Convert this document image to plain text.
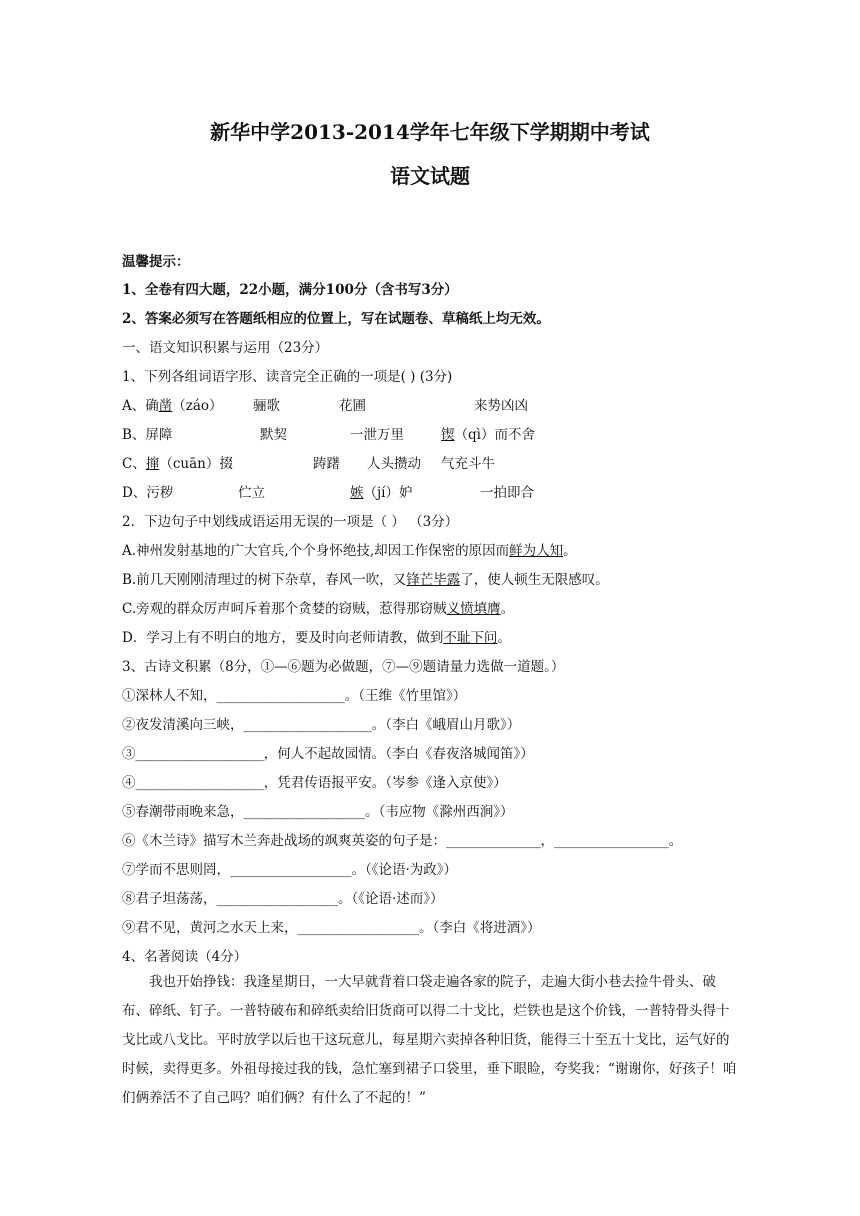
新华中学2013-2014学年七年级下学期期中考试
语文试题
温馨提示：
1、全卷有四大题，22小题，满分100分（含书写3分）
2、答案必须写在答题纸相应的位置上，写在试题卷、草稿纸上均无效。
一、语文知识积累与运用（23分）
1、下列各组词语字形、读音完全正确的一项是( ) (3分)
A、确凿（záo） 骊歌	花圃	来势凶凶
B、屏障	默契	一泄万里	锲（qì）而不舍
C、撺（cuān）掇	踌躇 人头攒动 气充斗牛
D、污秽	伫立	嫉（jí）妒	一拍即合
2．下边句子中划线成语运用无误的一项是（ ） （3分）
A.神州发射基地的广大官兵,个个身怀绝技,却因工作保密的原因而鲜为人知。
B.前几天刚刚清理过的树下杂草，春风一吹，又锋芒毕露了，使人顿生无限感叹。
C.旁观的群众厉声呵斥着那个贪婪的窃贼，惹得那窃贼义愤填膺。
D．学习上有不明白的地方，要及时向老师请教，做到不耻下问。
3、古诗文积累（8分，①—⑥题为必做题，⑦—⑨题请量力选做一道题。）
①深林人不知，___________________。（王维《竹里馆》）
②夜发清溪向三峡，___________________。（李白《峨眉山月歌》）
③___________________，何人不起故园情。（李白《春夜洛城闻笛》）
④___________________，凭君传语报平安。（岑参《逢入京使》）
⑤春潮带雨晚来急，__________________。（韦应物《滁州西涧》）
⑥《木兰诗》描写木兰奔赴战场的飒爽英姿的句子是：______________，_________________。
⑦学而不思则罔，__________________。（《论语·为政》）
⑧君子坦荡荡，__________________。（《论语·述而》）
⑨君不见，黄河之水天上来，__________________。（李白《将进酒》）
4、名著阅读（4分）
我也开始挣钱：我逢星期日，一大早就背着口袋走遍各家的院子，走遍大街小巷去捡牛骨头、破布、碎纸、钉子。一普特破布和碎纸卖给旧货商可以得二十戈比，烂铁也是这个价钱，一普特骨头得十戈比或八戈比。平时放学以后也干这玩意儿，每星期六卖掉各种旧货，能得三十至五十戈比，运气好的时候，卖得更多。外祖母接过我的钱，急忙塞到裙子口袋里，垂下眼睑，夸奖我：“谢谢你，好孩子！咱们俩养活不了自己吗？咱们俩？有什么了不起的！”
